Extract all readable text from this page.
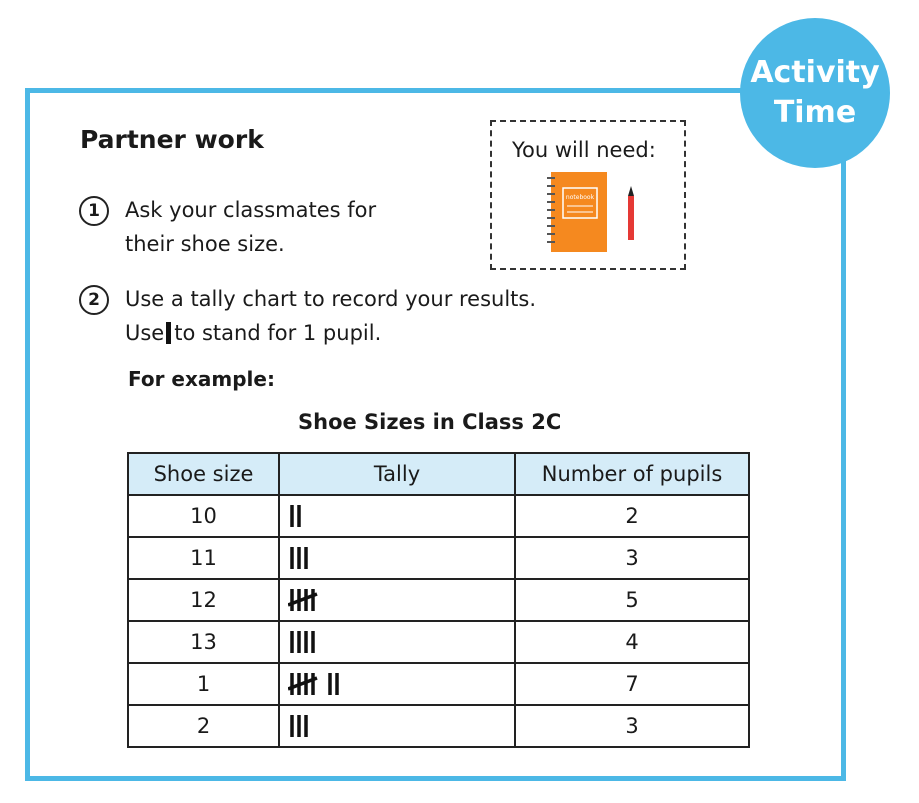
Activity
Time
Partner work	You will need:
notebook
1	Ask your classmates for
their shoe size.
2	Use a tally chart to record your results.
Use to stand for 1 pupil.
For example:
Shoe Sizes in Class 2C
Shoe size	Tally	Number of pupils
10		2
11		3
12		5
13		4
1		7
2		3
